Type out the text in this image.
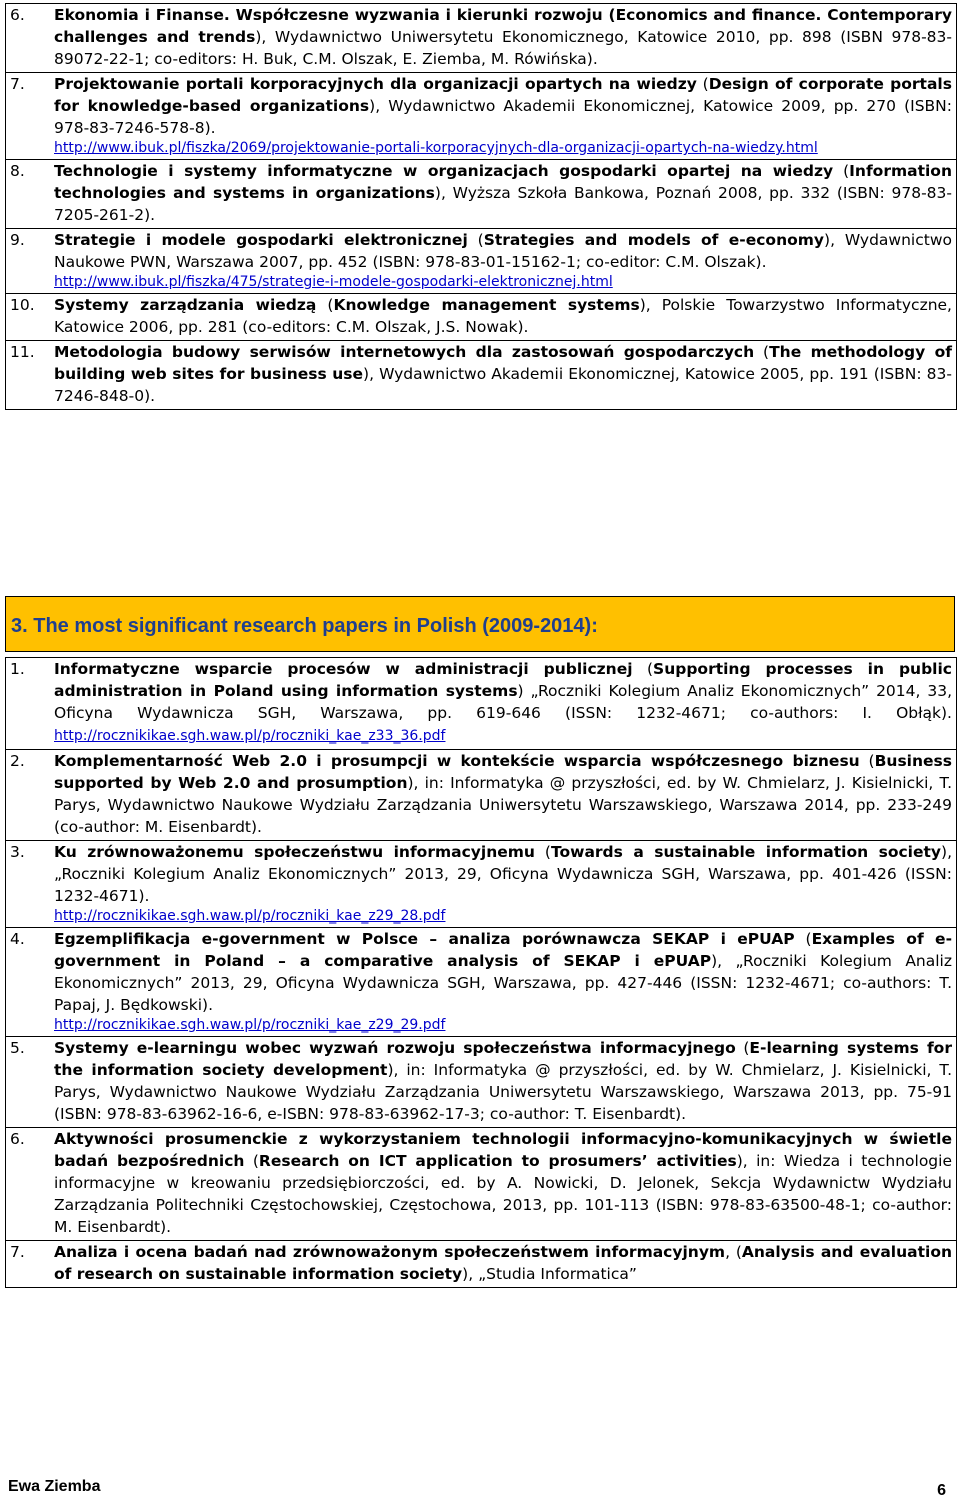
6.	Ekonomia i Finanse. Współczesne wyzwania i kierunki rozwoju (Economics and finance. Contemporary challenges and trends), Wydawnictwo Uniwersytetu Ekonomicznego, Katowice 2010, pp. 898 (ISBN 978-83-89072-22-1; co-editors: H. Buk, C.M. Olszak, E. Ziemba, M. Rówińska).
7.	Projektowanie portali korporacyjnych dla organizacji opartych na wiedzy (Design of corporate portals for knowledge-based organizations), Wydawnictwo Akademii Ekonomicznej, Katowice 2009, pp. 270 (ISBN: 978-83-7246-578-8).
http://www.ibuk.pl/fiszka/2069/projektowanie-portali-korporacyjnych-dla-organizacji-opartych-na-wiedzy.html
8.	Technologie i systemy informatyczne w organizacjach gospodarki opartej na wiedzy (Information technologies and systems in organizations), Wyższa Szkoła Bankowa, Poznań 2008, pp. 332 (ISBN: 978-83-7205-261-2).
9.	Strategie i modele gospodarki elektronicznej (Strategies and models of e-economy), Wydawnictwo Naukowe PWN, Warszawa 2007, pp. 452 (ISBN: 978-83-01-15162-1; co-editor: C.M. Olszak).
http://www.ibuk.pl/fiszka/475/strategie-i-modele-gospodarki-elektronicznej.html
10.	Systemy zarządzania wiedzą (Knowledge management systems), Polskie Towarzystwo Informatyczne, Katowice 2006, pp. 281 (co-editors: C.M. Olszak, J.S. Nowak).
11.	Metodologia budowy serwisów internetowych dla zastosowań gospodarczych (The methodology of building web sites for business use), Wydawnictwo Akademii Ekonomicznej, Katowice 2005, pp. 191 (ISBN: 83-7246-848-0).
3. The most significant research papers in Polish (2009-2014):
1.	Informatyczne wsparcie procesów w administracji publicznej (Supporting processes in public administration in Poland using information systems) „Roczniki Kolegium Analiz Ekonomicznych” 2014, 33, Oficyna Wydawnicza SGH, Warszawa, pp. 619-646 (ISSN: 1232-4671; co-authors: I. Obłąk). http://rocznikikae.sgh.waw.pl/p/roczniki_kae_z33_36.pdf
2.	Komplementarność Web 2.0 i prosumpcji w kontekście wsparcia współczesnego biznesu (Business supported by Web 2.0 and prosumption), in: Informatyka @ przyszłości, ed. by W. Chmielarz, J. Kisielnicki, T. Parys, Wydawnictwo Naukowe Wydziału Zarządzania Uniwersytetu Warszawskiego, Warszawa 2014, pp. 233-249 (co-author: M. Eisenbardt).
3.	Ku zrównoważonemu społeczeństwu informacyjnemu (Towards a sustainable information society), „Roczniki Kolegium Analiz Ekonomicznych” 2013, 29, Oficyna Wydawnicza SGH, Warszawa, pp. 401-426 (ISSN: 1232-4671).
http://rocznikikae.sgh.waw.pl/p/roczniki_kae_z29_28.pdf
4.	Egzemplifikacja e-government w Polsce – analiza porównawcza SEKAP i ePUAP (Examples of e-government in Poland – a comparative analysis of SEKAP i ePUAP), „Roczniki Kolegium Analiz Ekonomicznych” 2013, 29, Oficyna Wydawnicza SGH, Warszawa, pp. 427-446 (ISSN: 1232-4671; co-authors: T. Papaj, J. Będkowski).
http://rocznikikae.sgh.waw.pl/p/roczniki_kae_z29_29.pdf
5.	Systemy e-learningu wobec wyzwań rozwoju społeczeństwa informacyjnego (E-learning systems for the information society development), in: Informatyka @ przyszłości, ed. by W. Chmielarz, J. Kisielnicki, T. Parys, Wydawnictwo Naukowe Wydziału Zarządzania Uniwersytetu Warszawskiego, Warszawa 2013, pp. 75-91 (ISBN: 978-83-63962-16-6, e-ISBN: 978-83-63962-17-3; co-author: T. Eisenbardt).
6.	Aktywności prosumenckie z wykorzystaniem technologii informacyjno-komunikacyjnych w świetle badań bezpośrednich (Research on ICT application to prosumers’ activities), in: Wiedza i technologie informacyjne w kreowaniu przedsiębiorczości, ed. by A. Nowicki, D. Jelonek, Sekcja Wydawnictw Wydziału Zarządzania Politechniki Częstochowskiej, Częstochowa, 2013, pp. 101-113 (ISBN: 978-83-63500-48-1; co-author: M. Eisenbardt).
7.	Analiza i ocena badań nad zrównoważonym społeczeństwem informacyjnym, (Analysis and evaluation of research on sustainable information society), „Studia Informatica”
Ewa Ziemba	6
